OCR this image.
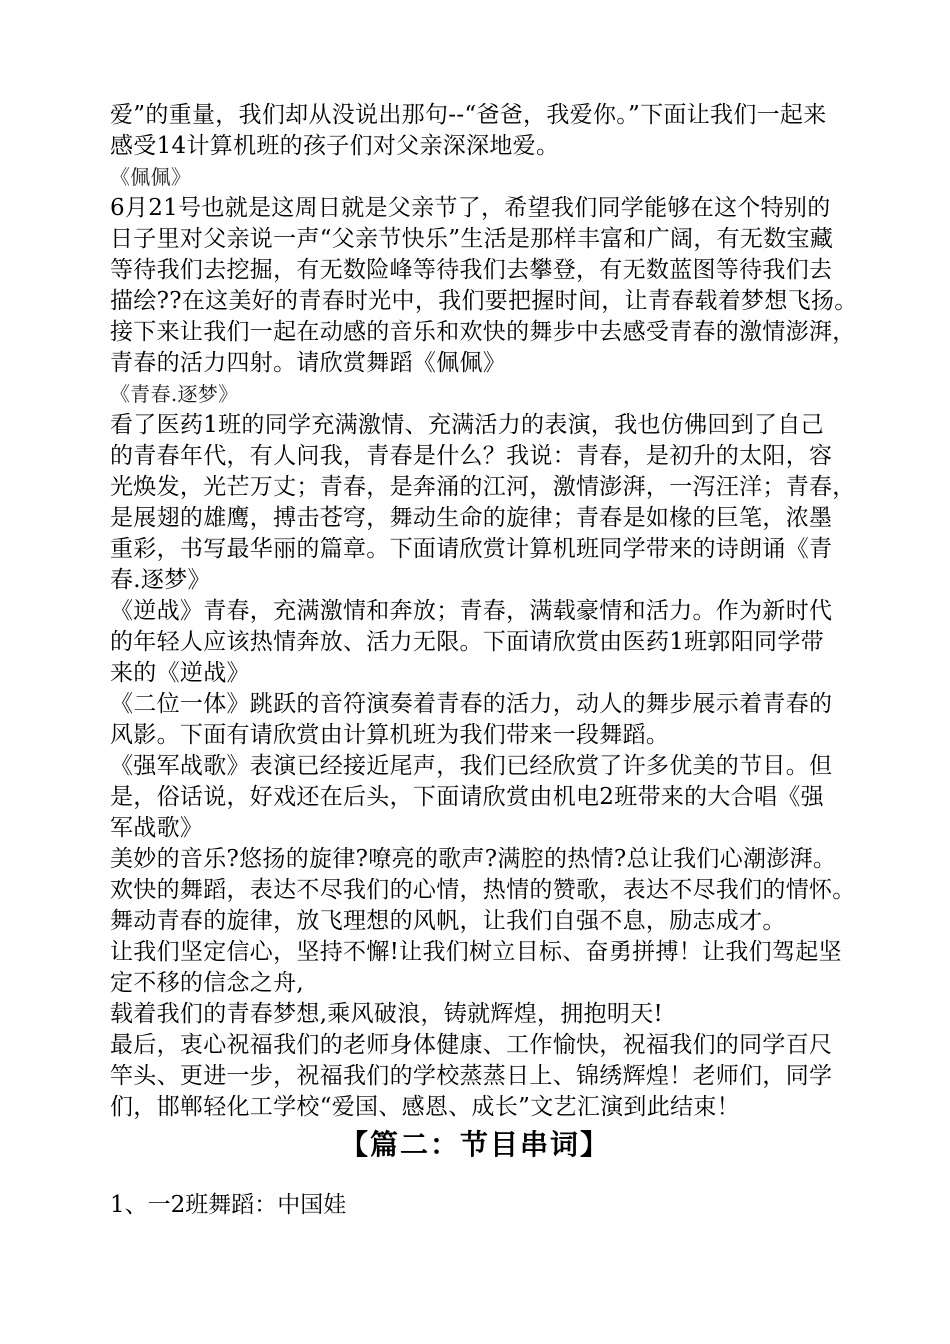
爱”的重量，我们却从没说出那句--“爸爸，我爱你。”下面让我们一起来
感受14计算机班的孩子们对父亲深深地爱。
《佩佩》
6月21号也就是这周日就是父亲节了，希望我们同学能够在这个特别的
日子里对父亲说一声“父亲节快乐”生活是那样丰富和广阔，有无数宝藏
等待我们去挖掘，有无数险峰等待我们去攀登，有无数蓝图等待我们去
描绘??在这美好的青春时光中，我们要把握时间，让青春载着梦想飞扬。
接下来让我们一起在动感的音乐和欢快的舞步中去感受青春的激情澎湃，
青春的活力四射。请欣赏舞蹈《佩佩》
《青春.逐梦》
看了医药1班的同学充满激情、充满活力的表演，我也仿佛回到了自己
的青春年代，有人问我，青春是什么？我说：青春，是初升的太阳，容
光焕发，光芒万丈；青春，是奔涌的江河，激情澎湃，一泻汪洋；青春，
是展翅的雄鹰，搏击苍穹，舞动生命的旋律；青春是如椽的巨笔，浓墨
重彩，书写最华丽的篇章。下面请欣赏计算机班同学带来的诗朗诵《青
春.逐梦》
《逆战》青春，充满激情和奔放；青春，满载豪情和活力。作为新时代
的年轻人应该热情奔放、活力无限。下面请欣赏由医药1班郭阳同学带
来的《逆战》
《二位一体》跳跃的音符演奏着青春的活力，动人的舞步展示着青春的
风影。下面有请欣赏由计算机班为我们带来一段舞蹈。
《强军战歌》表演已经接近尾声，我们已经欣赏了许多优美的节目。但
是，俗话说，好戏还在后头，下面请欣赏由机电2班带来的大合唱《强
军战歌》
美妙的音乐?悠扬的旋律?嘹亮的歌声?满腔的热情?总让我们心潮澎湃。
欢快的舞蹈，表达不尽我们的心情，热情的赞歌，表达不尽我们的情怀。
舞动青春的旋律，放飞理想的风帆，让我们自强不息，励志成才。
让我们坚定信心，坚持不懈!让我们树立目标、奋勇拼搏！让我们驾起坚
定不移的信念之舟,
载着我们的青春梦想,乘风破浪，铸就辉煌，拥抱明天!
最后，衷心祝福我们的老师身体健康、工作愉快，祝福我们的同学百尺
竿头、更进一步，祝福我们的学校蒸蒸日上、锦绣辉煌！老师们，同学
们，邯郸轻化工学校“爱国、感恩、成长”文艺汇演到此结束！
【篇二：节目串词】
1、一2班舞蹈：中国娃
